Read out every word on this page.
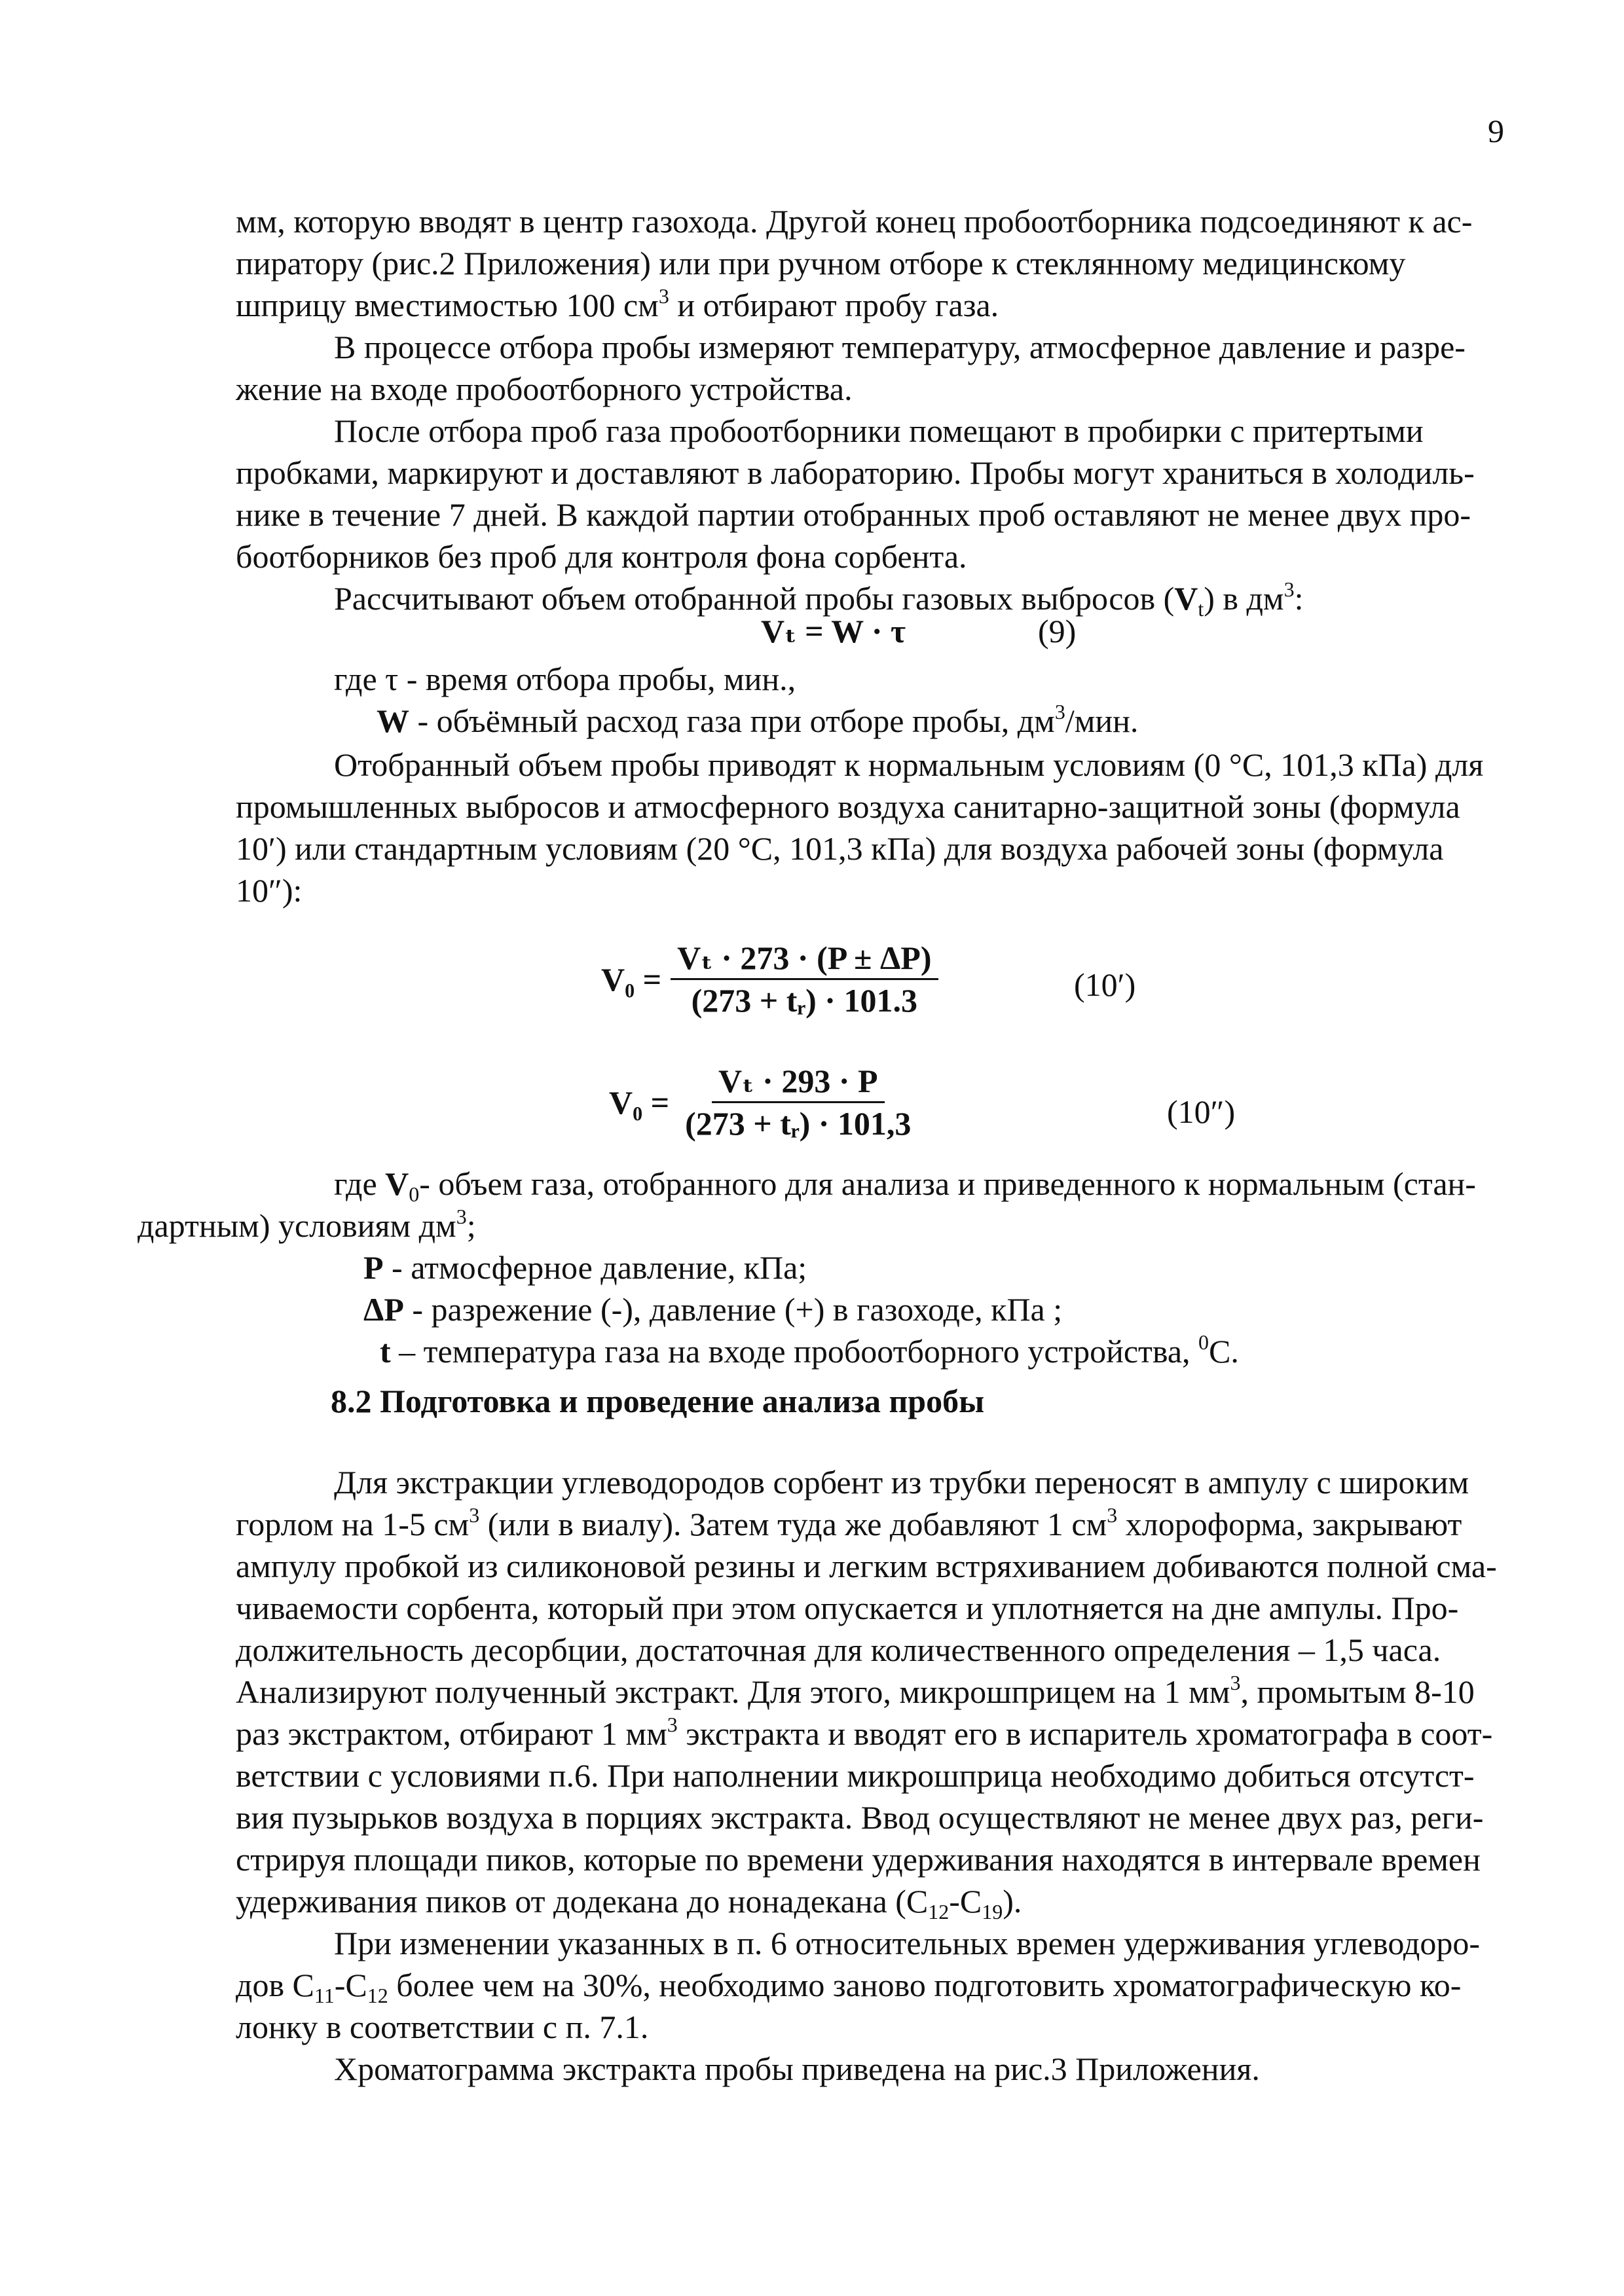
9

мм, которую вводят в центр газохода. Другой конец пробоотборника подсоединяют к ас-
пиратору (рис.2 Приложения) или при ручном отборе к стеклянному медицинскому
шприцу вместимостью 100 $см^3$ и отбирают пробу газа.

В процессе отбора пробы измеряют температуру, атмосферное давление и разре-
жение на входе пробоотборного устройства.

После отбора проб газа пробоотборники помещают в пробирки с притертыми
пробками, маркируют и доставляют в лабораторию. Пробы могут храниться в холодиль-
нике в течение 7 дней. В каждой партии отобранных проб оставляют не менее двух про-
боотборников без проб для контроля фона сорбента.

Рассчитывают объем отобранной пробы газовых выбросов $(V_t)$ в $дм^3$:

Vₜ = W · τ	(9)

где τ - время отбора пробы, мин.,

W - объёмный расход газа при отборе пробы, $дм^3$/мин.

Отобранный объем пробы приводят к нормальным условиям (0 °С, 101,3 кПа) для
промышленных выбросов и атмосферного воздуха санитарно-защитной зоны (формула
10′) или стандартным условиям (20 °С, 101,3 кПа) для воздуха рабочей зоны (формула
10″):

$V_0 = \frac{\text{Vₜ · 273 · (P ± ΔP)}}{\text{(273 + tᵣ) · 101.3}}$	(10′)
$V_0 = \frac{\text{Vₜ · 293 · P}}{\text{(273 + tᵣ) · 101,3}}$	(10″)

где $V_0-$ объем газа, отобранного для анализа и приведенного к нормальным (стан-
дартным) условиям $дм^3$;

P - атмосферное давление, кПа;

ΔP - разрежение (-), давление (+) в газоходе, кПа ;

t – температура газа на входе пробоотборного устройства, $^0$С.

8.2 Подготовка и проведение анализа пробы

Для экстракции углеводородов сорбент из трубки переносят в ампулу с широким
горлом на 1-5 $см^3$ (или в виалу). Затем туда же добавляют 1 $см^3$ хлороформа, закрывают
ампулу пробкой из силиконовой резины и легким встряхиванием добиваются полной сма-
чиваемости сорбента, который при этом опускается и уплотняется на дне ампулы. Про-
должительность десорбции, достаточная для количественного определения – 1,5 часа.
Анализируют полученный экстракт. Для этого, микрошприцем на 1 $мм^3$, промытым 8-10
раз экстрактом, отбирают 1 $мм^3$ экстракта и вводят его в испаритель хроматографа в соот-
ветствии с условиями п.6. При наполнении микрошприца необходимо добиться отсутст-
вия пузырьков воздуха в порциях экстракта. Ввод осуществляют не менее двух раз, реги-
стрируя площади пиков, которые по времени удерживания находятся в интервале времен
удерживания пиков от додекана до нонадекана $(C_{12}-C_{19})$.

При изменении указанных в п. 6 относительных времен удерживания углеводоро-
дов $C_{11}-C_{12}$ более чем на 30%, необходимо заново подготовить хроматографическую ко-
лонку в соответствии с п. 7.1.

Хроматограмма экстракта пробы приведена на рис.3 Приложения.
